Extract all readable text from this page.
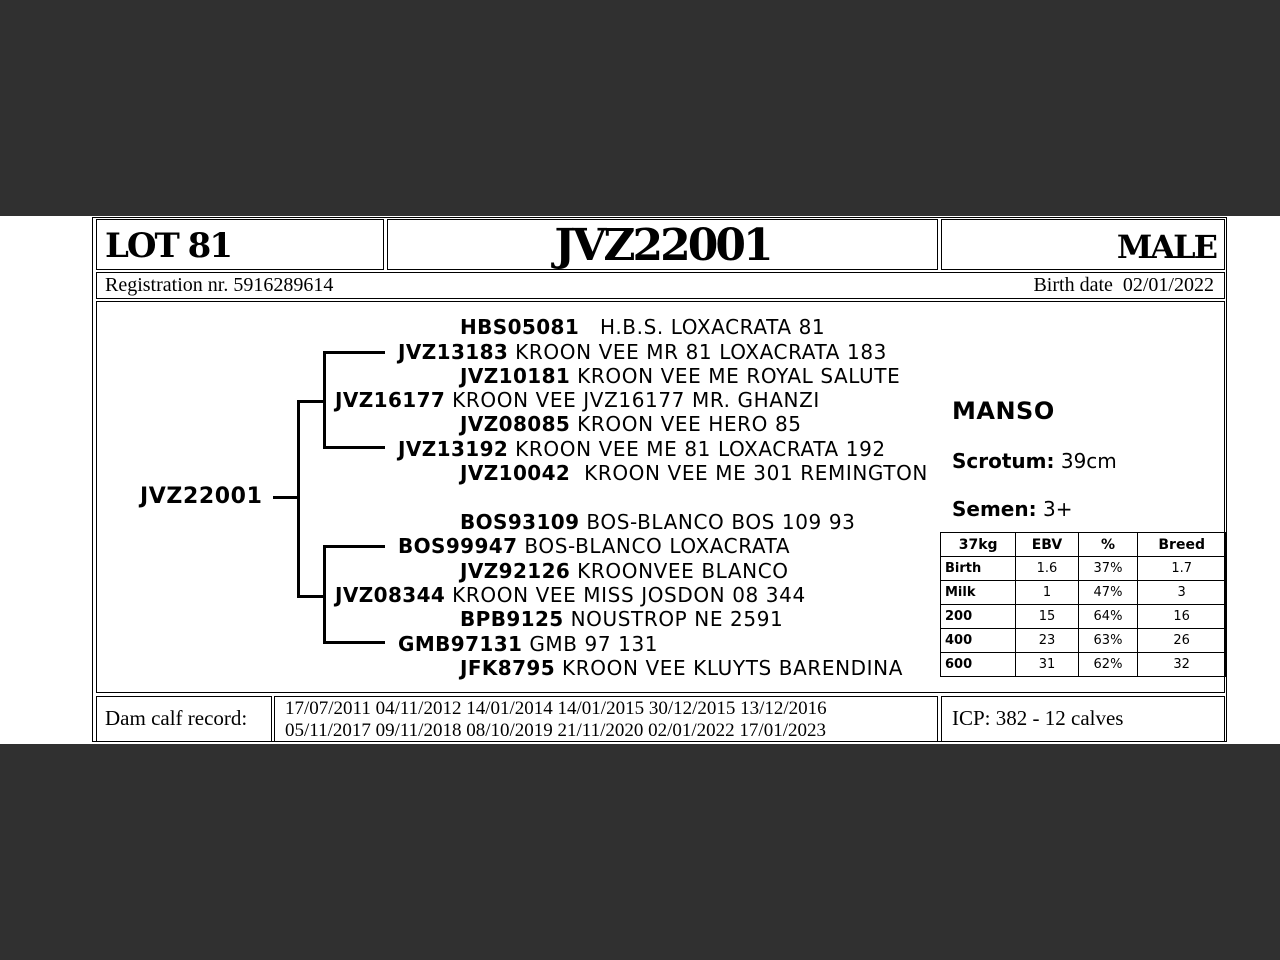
LOT 81	JVZ22001	MALE
Registration nr. 5916289614	Birth date  02/01/2022
JVZ22001
HBS05081 H.B.S. LOXACRATA 81
JVZ13183 KROON VEE MR 81 LOXACRATA 183
JVZ10181 KROON VEE ME ROYAL SALUTE
JVZ16177 KROON VEE JVZ16177 MR. GHANZI
JVZ08085 KROON VEE HERO 85
JVZ13192 KROON VEE ME 81 LOXACRATA 192
JVZ10042 KROON VEE ME 301 REMINGTON
BOS93109 BOS-BLANCO BOS 109 93
BOS99947 BOS-BLANCO LOXACRATA
JVZ92126 KROONVEE BLANCO
JVZ08344 KROON VEE MISS JOSDON 08 344
BPB9125 NOUSTROP NE 2591
GMB97131 GMB 97 131
JFK8795 KROON VEE KLUYTS BARENDINA
MANSO
Scrotum: 39cm
Semen: 3+
37kg	EBV	%	Breed
Birth	1.6	37%	1.7
Milk	1	47%	3
200	15	64%	16
400	23	63%	26
600	31	62%	32
Dam calf record: 17/07/2011 04/11/2012 14/01/2014 14/01/2015 30/12/2015 13/12/2016
05/11/2017 09/11/2018 08/10/2019 21/11/2020 02/01/2022 17/01/2023
ICP: 382 - 12 calves
